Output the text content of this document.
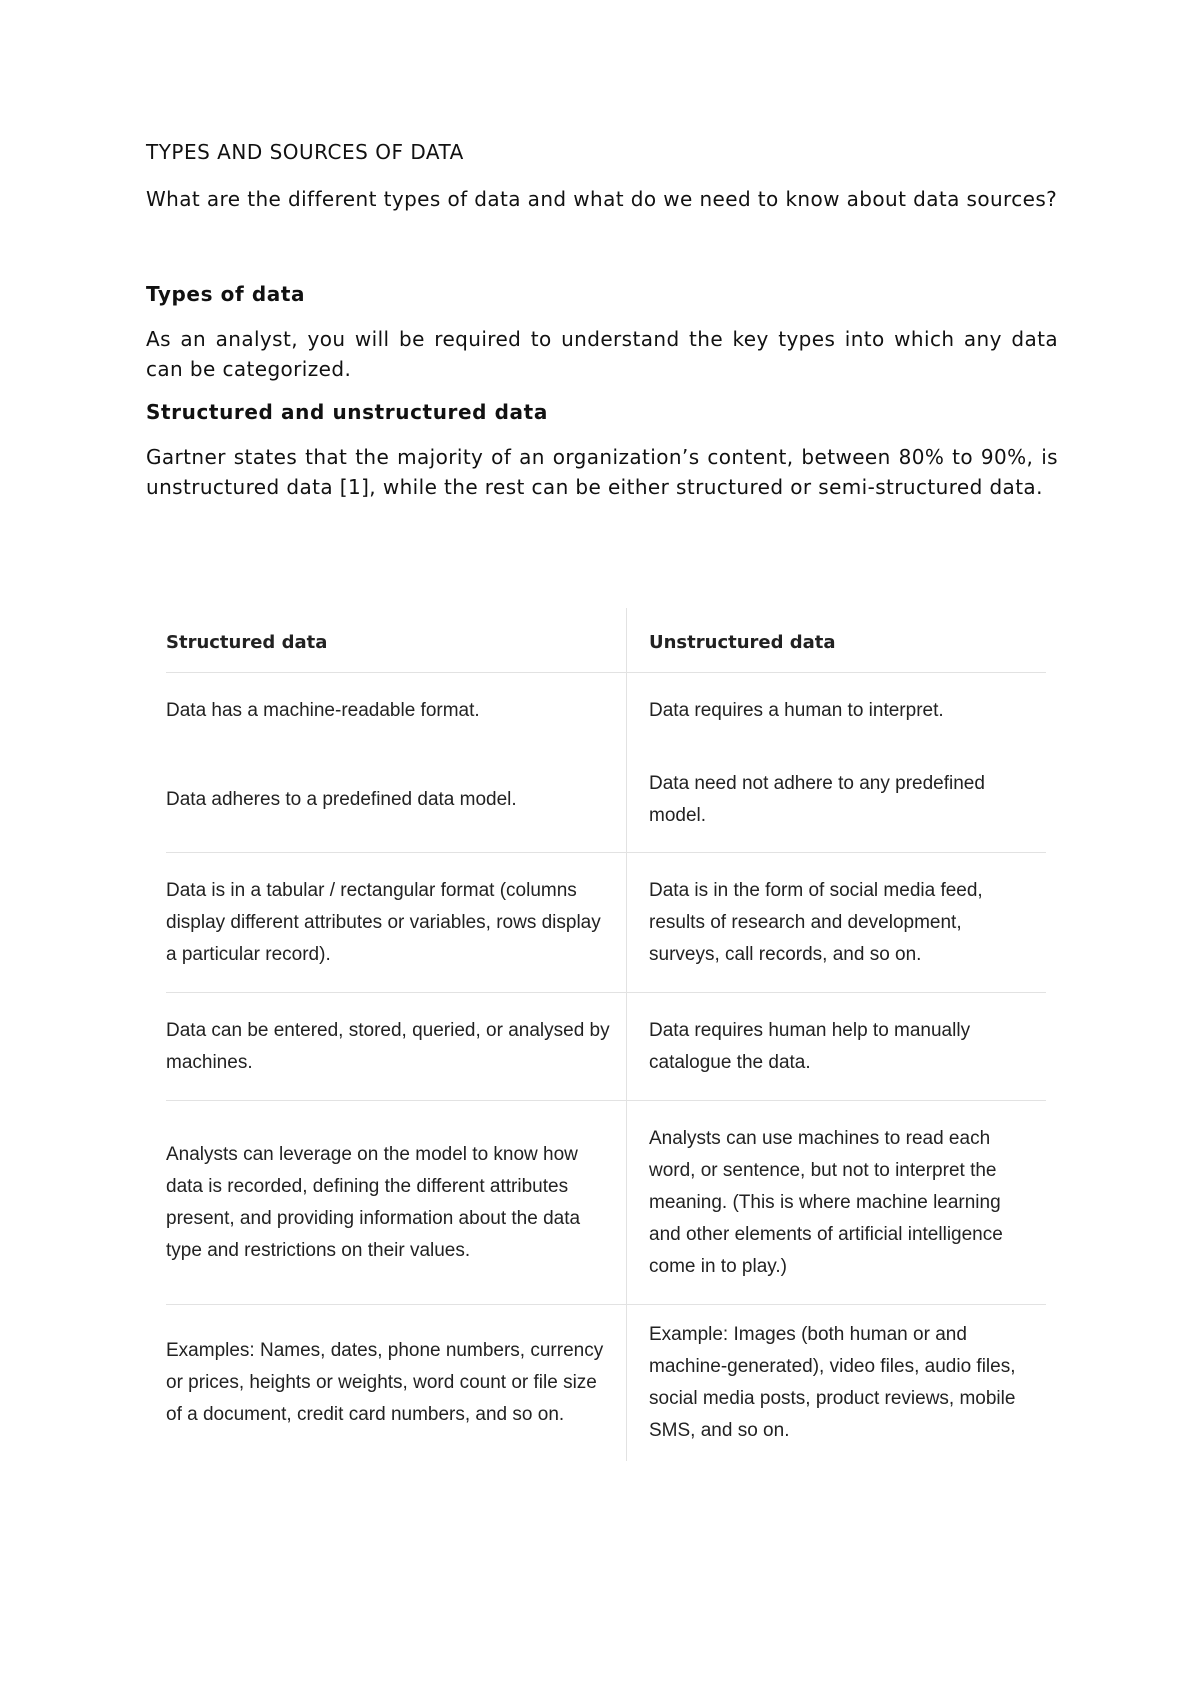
TYPES AND SOURCES OF DATA

What are the different types of data and what do we need to know about data sources?

Types of data

As an analyst, you will be required to understand the key types into which any data can be categorized.

Structured and unstructured data

Gartner states that the majority of an organization’s content, between 80% to 90%, is unstructured data [1], while the rest can be either structured or semi-structured data.

Structured data	Unstructured data
Data has a machine-readable format.	Data requires a human to interpret.
Data adheres to a predefined data model.	Data need not adhere to any predefined model.
Data is in a tabular / rectangular format (columns display different attributes or variables, rows display a particular record).	Data is in the form of social media feed, results of research and development, surveys, call records, and so on.
Data can be entered, stored, queried, or analysed by machines.	Data requires human help to manually catalogue the data.
Analysts can leverage on the model to know how data is recorded, defining the different attributes present, and providing information about the data type and restrictions on their values.	Analysts can use machines to read each word, or sentence, but not to interpret the meaning. (This is where machine learning and other elements of artificial intelligence come in to play.)
Examples: Names, dates, phone numbers, currency or prices, heights or weights, word count or file size of a document, credit card numbers, and so on.	Example: Images (both human or and machine-generated), video files, audio files, social media posts, product reviews, mobile SMS, and so on.
